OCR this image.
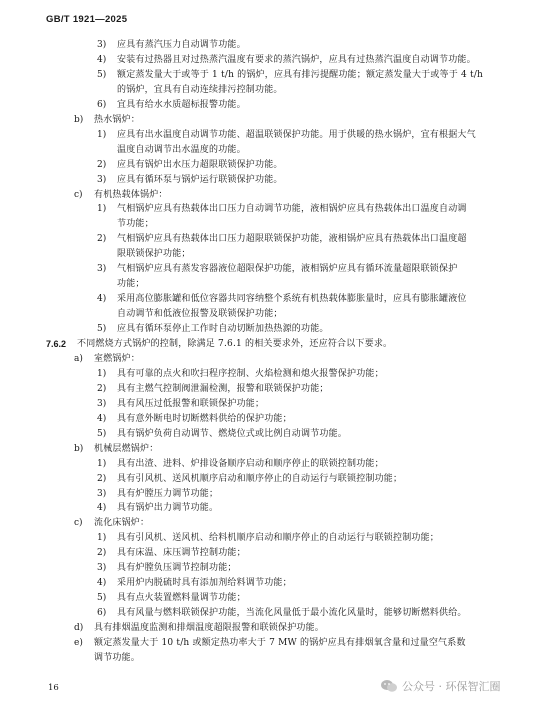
GB/T 1921—2025
3) 应具有蒸汽压力自动调节功能。
4) 安装有过热器且对过热蒸汽温度有要求的蒸汽锅炉，应具有过热蒸汽温度自动调节功能。
5) 额定蒸发量大于或等于 1 t/h 的锅炉，应具有排污提醒功能；额定蒸发量大于或等于 4 t/h
的锅炉，宜具有自动连续排污控制功能。
6) 宜具有给水水质超标报警功能。
b) 热水锅炉：
1) 应具有出水温度自动调节功能、超温联锁保护功能。用于供暖的热水锅炉，宜有根据大气
温度自动调节出水温度的功能。
2) 应具有锅炉出水压力超限联锁保护功能。
3) 应具有循环泵与锅炉运行联锁保护功能。
c) 有机热载体锅炉：
1) 气相锅炉应具有热载体出口压力自动调节功能，液相锅炉应具有热载体出口温度自动调
节功能；
2) 气相锅炉应具有热载体出口压力超限联锁保护功能，液相锅炉应具有热载体出口温度超
限联锁保护功能；
3) 气相锅炉应具有蒸发容器液位超限保护功能，液相锅炉应具有循环流量超限联锁保护
功能；
4) 采用高位膨胀罐和低位容器共同容纳整个系统有机热载体膨胀量时，应具有膨胀罐液位
自动调节和低液位报警及联锁保护功能；
5) 应具有循环泵停止工作时自动切断加热热源的功能。
7.6.2 不同燃烧方式锅炉的控制，除满足 7.6.1 的相关要求外，还应符合以下要求。
a) 室燃锅炉：
1) 具有可靠的点火和吹扫程序控制、火焰检测和熄火报警保护功能；
2) 具有主燃气控制阀泄漏检测，报警和联锁保护功能；
3) 具有风压过低报警和联锁保护功能；
4) 具有意外断电时切断燃料供给的保护功能；
5) 具有锅炉负荷自动调节、燃烧位式或比例自动调节功能。
b) 机械层燃锅炉：
1) 具有出渣、进料、炉排设备顺序启动和顺序停止的联锁控制功能；
2) 具有引风机、送风机顺序启动和顺序停止的自动运行与联锁控制功能；
3) 具有炉膛压力调节功能；
4) 具有锅炉出力调节功能。
c) 流化床锅炉：
1) 具有引风机、送风机、给料机顺序启动和顺序停止的自动运行与联锁控制功能；
2) 具有床温、床压调节控制功能；
3) 具有炉膛负压调节控制功能；
4) 采用炉内脱硫时具有添加剂给料调节功能；
5) 具有点火装置燃料量调节功能；
6) 具有风量与燃料联锁保护功能，当流化风量低于最小流化风量时，能够切断燃料供给。
d) 具有排烟温度监测和排烟温度超限报警和联锁保护功能。
e) 额定蒸发量大于 10 t/h 或额定热功率大于 7 MW 的锅炉应具有排烟氧含量和过量空气系数
调节功能。
16	公众号 · 环保智汇圈
